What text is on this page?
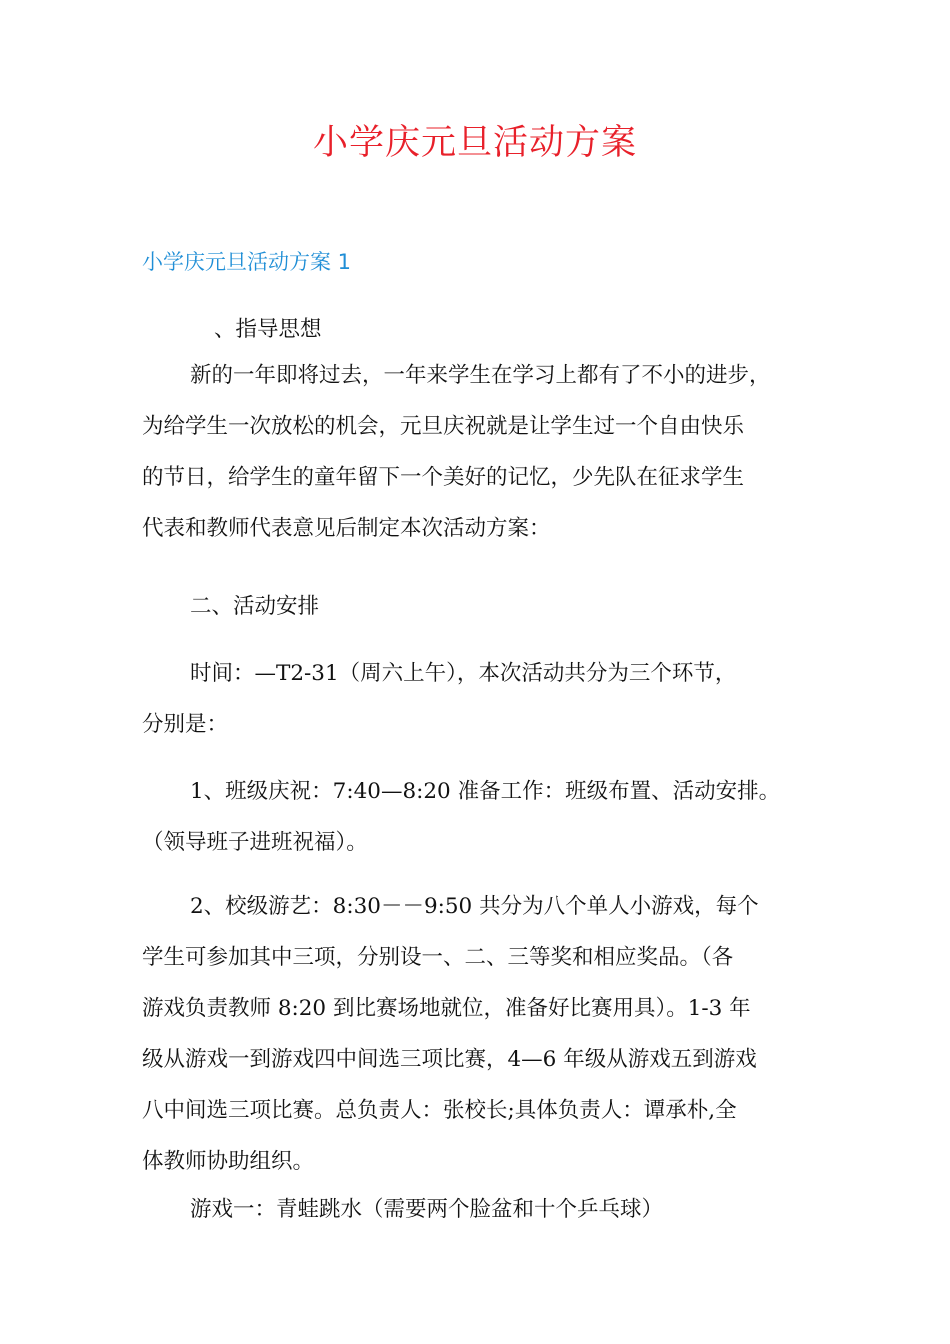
小学庆元旦活动方案
小学庆元旦活动方案 1

、指导思想

新的一年即将过去，一年来学生在学习上都有了不小的进步，
为给学生一次放松的机会，元旦庆祝就是让学生过一个自由快乐
的节日，给学生的童年留下一个美好的记忆，少先队在征求学生
代表和教师代表意见后制定本次活动方案：
二、活动安排
时间：—T2-31（周六上午），本次活动共分为三个环节，
分别是：
1、班级庆祝：7:40—8:20 准备工作：班级布置、活动安排。
（领导班子进班祝福）。
2、校级游艺：8:30－－9:50 共分为八个单人小游戏，每个
学生可参加其中三项，分别设一、二、三等奖和相应奖品。（各
游戏负责教师 8:20 到比赛场地就位，准备好比赛用具）。1-3 年
级从游戏一到游戏四中间选三项比赛，4—6 年级从游戏五到游戏
八中间选三项比赛。总负责人：张校长;具体负责人：谭承朴,全
体教师协助组织。
游戏一：青蛙跳水（需要两个脸盆和十个乒乓球）
